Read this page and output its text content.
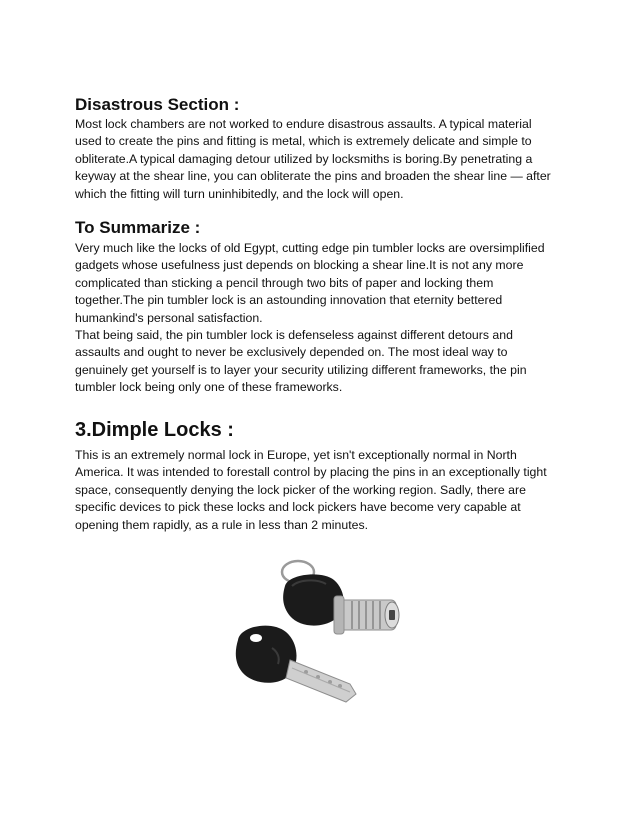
Disastrous Section :

Most lock chambers are not worked to endure disastrous assaults. A typical material
used to create the pins and fitting is metal, which is extremely delicate and simple to
obliterate.A typical damaging detour utilized by locksmiths is boring.By penetrating a
keyway at the shear line, you can obliterate the pins and broaden the shear line — after
which the fitting will turn uninhibitedly, and the lock will open.

To Summarize :

Very much like the locks of old Egypt, cutting edge pin tumbler locks are oversimplified
gadgets whose usefulness just depends on blocking a shear line.It is not any more
complicated than sticking a pencil through two bits of paper and locking them
together.The pin tumbler lock is an astounding innovation that eternity bettered
humankind's personal satisfaction.
That being said, the pin tumbler lock is defenseless against different detours and
assaults and ought to never be exclusively depended on. The most ideal way to
genuinely get yourself is to layer your security utilizing different frameworks, the pin
tumbler lock being only one of these frameworks.

3.Dimple Locks :

This is an extremely normal lock in Europe, yet isn't exceptionally normal in North
America. It was intended to forestall control by placing the pins in an exceptionally tight
space, consequently denying the lock picker of the working region. Sadly, there are
specific devices to pick these locks and lock pickers have become very capable at
opening them rapidly, as a rule in less than 2 minutes.
